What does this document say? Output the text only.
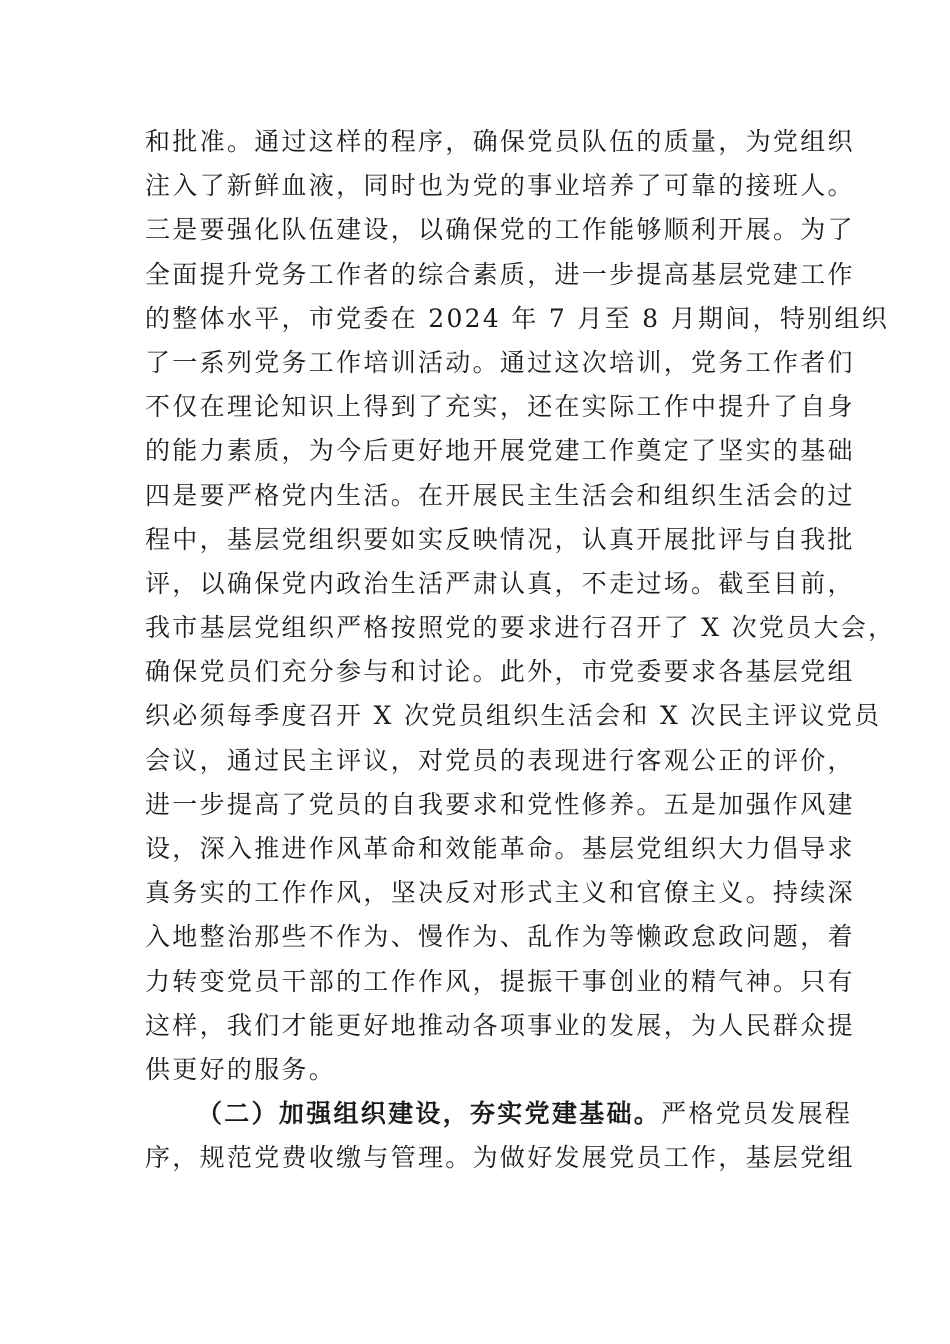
和批准。通过这样的程序，确保党员队伍的质量，为党组织
注入了新鲜血液，同时也为党的事业培养了可靠的接班人。
三是要强化队伍建设，以确保党的工作能够顺利开展。为了
全面提升党务工作者的综合素质，进一步提高基层党建工作
的整体水平，市党委在 2024 年 7 月至 8 月期间，特别组织
了一系列党务工作培训活动。通过这次培训，党务工作者们
不仅在理论知识上得到了充实，还在实际工作中提升了自身
的能力素质，为今后更好地开展党建工作奠定了坚实的基础
四是要严格党内生活。在开展民主生活会和组织生活会的过
程中，基层党组织要如实反映情况，认真开展批评与自我批
评，以确保党内政治生活严肃认真，不走过场。截至目前，
我市基层党组织严格按照党的要求进行召开了 X 次党员大会，
确保党员们充分参与和讨论。此外，市党委要求各基层党组
织必须每季度召开 X 次党员组织生活会和 X 次民主评议党员
会议，通过民主评议，对党员的表现进行客观公正的评价，
进一步提高了党员的自我要求和党性修养。五是加强作风建
设，深入推进作风革命和效能革命。基层党组织大力倡导求
真务实的工作作风，坚决反对形式主义和官僚主义。持续深
入地整治那些不作为、慢作为、乱作为等懒政怠政问题，着
力转变党员干部的工作作风，提振干事创业的精气神。只有
这样，我们才能更好地推动各项事业的发展，为人民群众提
供更好的服务。
（二）加强组织建设，夯实党建基础。严格党员发展程
序，规范党费收缴与管理。为做好发展党员工作，基层党组
